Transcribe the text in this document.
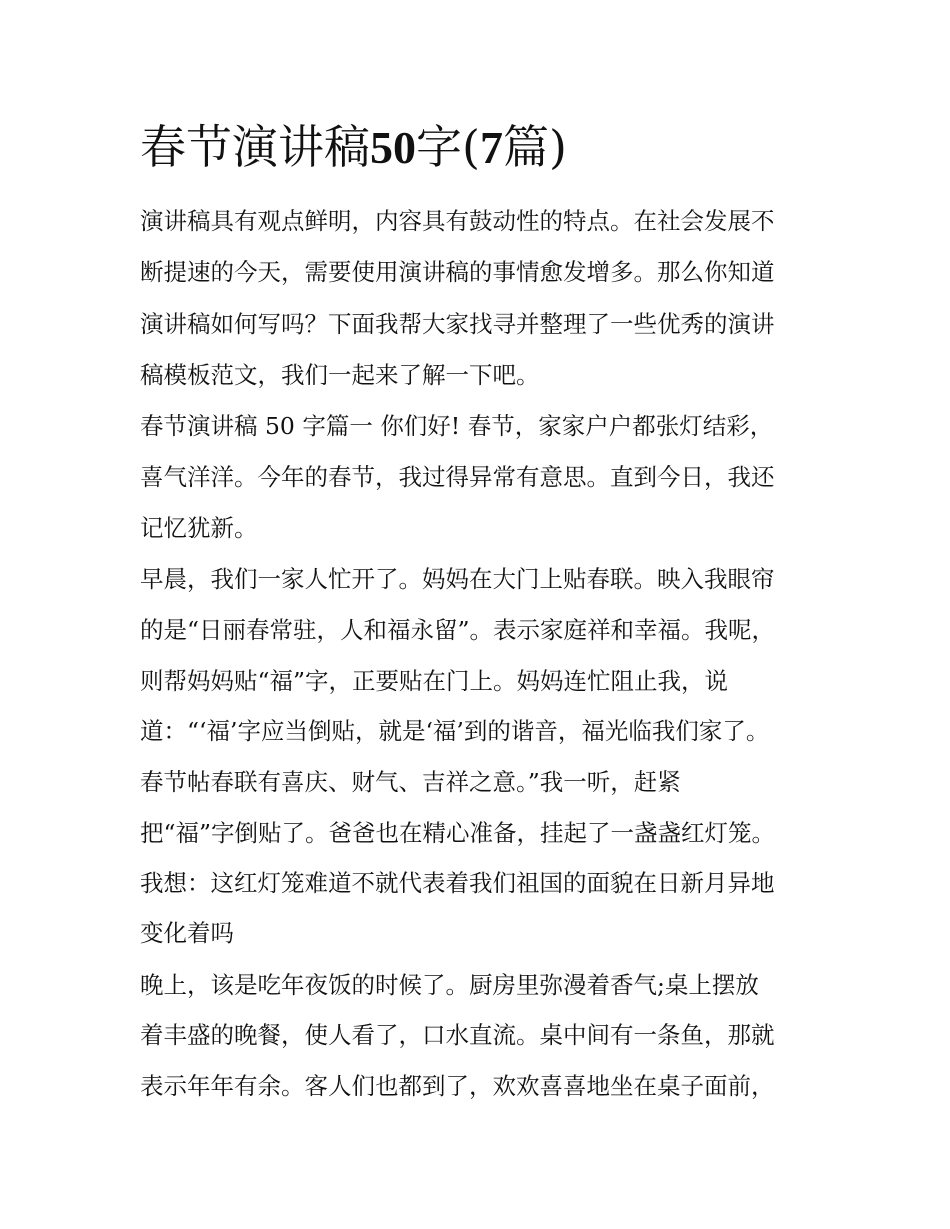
春节演讲稿50字(7篇)

演讲稿具有观点鲜明，内容具有鼓动性的特点。在社会发展不

断提速的今天，需要使用演讲稿的事情愈发增多。那么你知道

演讲稿如何写吗？下面我帮大家找寻并整理了一些优秀的演讲

稿模板范文，我们一起来了解一下吧。

春节演讲稿 50 字篇一 你们好! 春节，家家户户都张灯结彩，

喜气洋洋。今年的春节，我过得异常有意思。直到今日，我还

记忆犹新。

早晨，我们一家人忙开了。妈妈在大门上贴春联。映入我眼帘

的是“日丽春常驻，人和福永留”。表示家庭祥和幸福。我呢，

则帮妈妈贴“福”字，正要贴在门上。妈妈连忙阻止我，说

道：“‘福’字应当倒贴，就是‘福’到的谐音，福光临我们家了。

春节帖春联有喜庆、财气、吉祥之意。”我一听，赶紧

把“福”字倒贴了。爸爸也在精心准备，挂起了一盏盏红灯笼。

我想：这红灯笼难道不就代表着我们祖国的面貌在日新月异地

变化着吗

晚上，该是吃年夜饭的时候了。厨房里弥漫着香气;桌上摆放

着丰盛的晚餐，使人看了，口水直流。桌中间有一条鱼，那就

表示年年有余。客人们也都到了，欢欢喜喜地坐在桌子面前，
